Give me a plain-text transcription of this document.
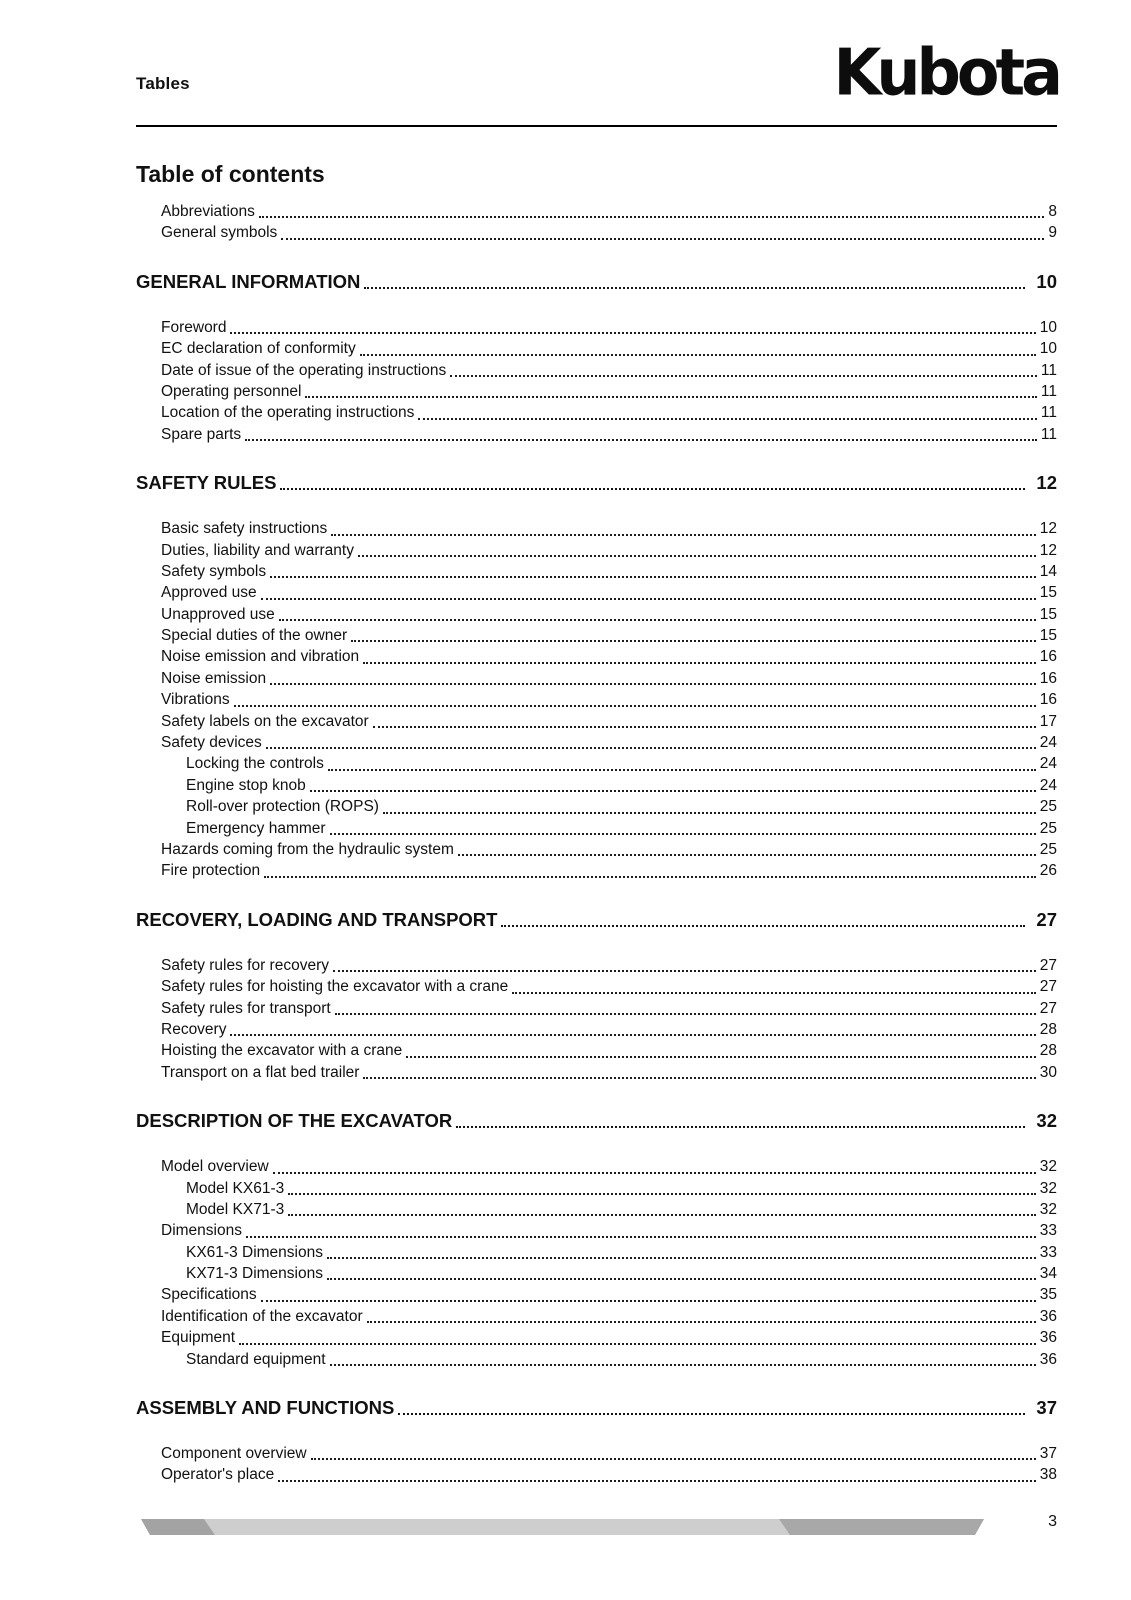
Tables	Kubota
Table of contents
Abbreviations	8
General symbols	9
GENERAL INFORMATION	10
Foreword	10
EC declaration of conformity	10
Date of issue of the operating instructions	11
Operating personnel	11
Location of the operating instructions	11
Spare parts	11
SAFETY RULES	12
Basic safety instructions	12
Duties, liability and warranty	12
Safety symbols	14
Approved use	15
Unapproved use	15
Special duties of the owner	15
Noise emission and vibration	16
Noise emission	16
Vibrations	16
Safety labels on the excavator	17
Safety devices	24
Locking the controls	24
Engine stop knob	24
Roll-over protection (ROPS)	25
Emergency hammer	25
Hazards coming from the hydraulic system	25
Fire protection	26
RECOVERY, LOADING AND TRANSPORT	27
Safety rules for recovery	27
Safety rules for hoisting the excavator with a crane	27
Safety rules for transport	27
Recovery	28
Hoisting the excavator with a crane	28
Transport on a flat bed trailer	30
DESCRIPTION OF THE EXCAVATOR	32
Model overview	32
Model KX61-3	32
Model KX71-3	32
Dimensions	33
KX61-3 Dimensions	33
KX71-3 Dimensions	34
Specifications	35
Identification of the excavator	36
Equipment	36
Standard equipment	36
ASSEMBLY AND FUNCTIONS	37
Component overview	37
Operator's place	38
3
